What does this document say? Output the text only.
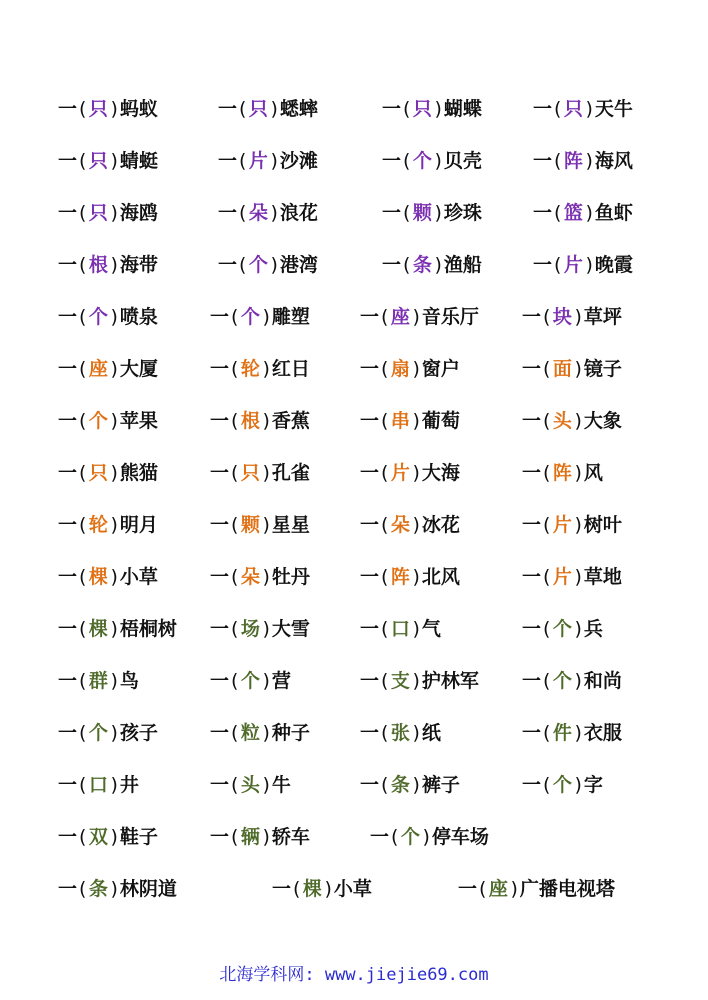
一 ( 只 ) 蚂蚁	一 ( 只 ) 蟋蟀	一 ( 只 ) 蝴蝶	一 ( 只 ) 天牛
一 ( 只 ) 蜻蜓	一 ( 片 ) 沙滩	一 ( 个 ) 贝壳	一 ( 阵 ) 海风
一 ( 只 ) 海鸥	一 ( 朵 ) 浪花	一 ( 颗 ) 珍珠	一 ( 篮 ) 鱼虾
一 ( 根 ) 海带	一 ( 个 ) 港湾	一 ( 条 ) 渔船	一 ( 片 ) 晚霞
一 ( 个 ) 喷泉	一 ( 个 ) 雕塑	一 ( 座 ) 音乐厅 一 ( 块 ) 草坪
一 ( 座 ) 大厦	一 ( 轮 ) 红日	一 ( 扇 ) 窗户	一 ( 面 ) 镜子
一 ( 个 ) 苹果	一 ( 根 ) 香蕉	一 ( 串 ) 葡萄	一 ( 头 ) 大象
一 ( 只 ) 熊猫	一 ( 只 ) 孔雀	一 ( 片 ) 大海	一 ( 阵 ) 风
一 ( 轮 ) 明月	一 ( 颗 ) 星星	一 ( 朵 ) 冰花	一 ( 片 ) 树叶
一 ( 棵 ) 小草	一 ( 朵 ) 牡丹	一 ( 阵 ) 北风	一 ( 片 ) 草地
一 ( 棵 ) 梧桐树 一 ( 场 ) 大雪	一 ( 口 ) 气	一 ( 个 ) 兵
一 ( 群 ) 鸟	一 ( 个 ) 营	一 ( 支 ) 护林军 一 ( 个 ) 和尚
一 ( 个 ) 孩子	一 ( 粒 ) 种子	一 ( 张 ) 纸	一 ( 件 ) 衣服
一 ( 口 ) 井	一 ( 头 ) 牛	一 ( 条 ) 裤子	一 ( 个 ) 字
一 ( 双 ) 鞋子	一 ( 辆 ) 轿车	一 ( 个 ) 停车场
一 ( 条 ) 林阴道	一 ( 棵 ) 小草	一 ( 座 ) 广播电视塔
北海学科网: www.jiejie69.com
